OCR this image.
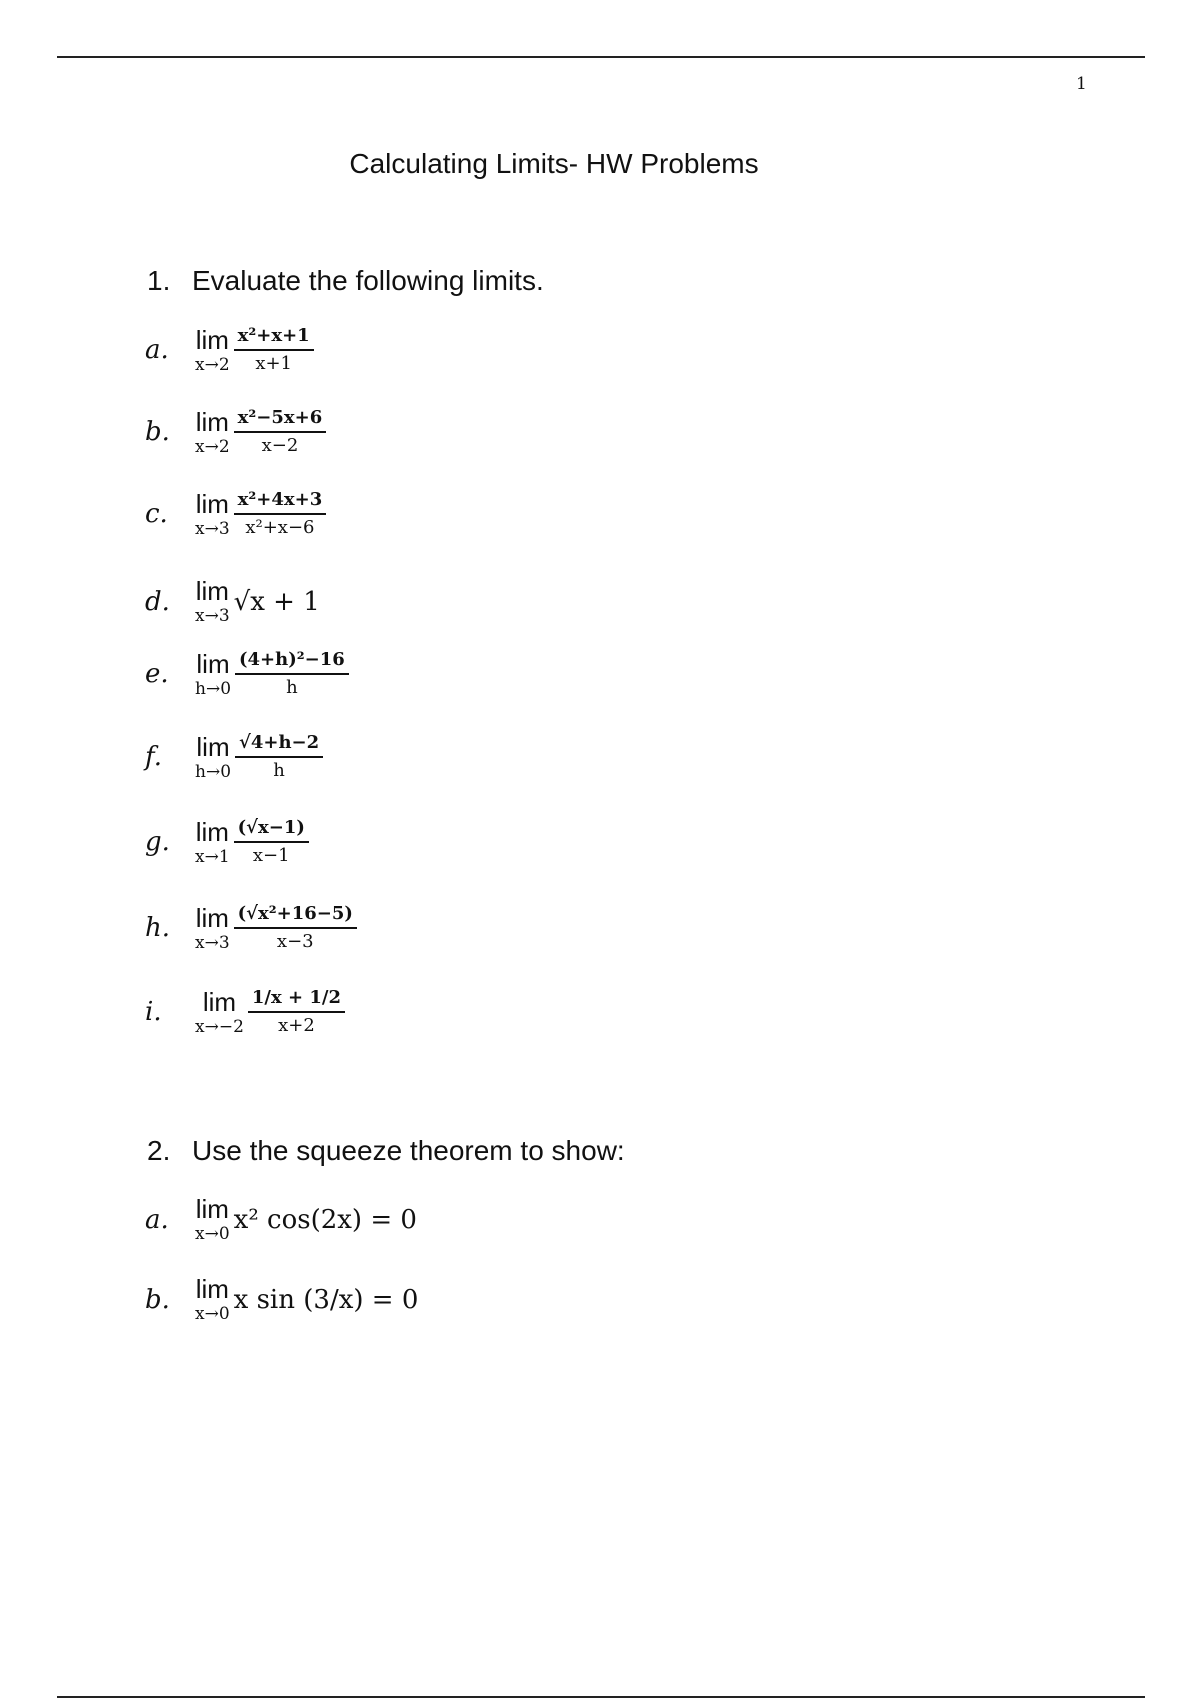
1
Calculating Limits- HW Problems
1. Evaluate the following limits.
a.	lim
$x\to 2 \frac{\text{x²+x+1}}{x+1}$
b. lim
$x\to 2 \frac{\text{x²−5x+6}}{x-2}$
c.	lim
$x\to 3 \frac{\text{x²+4x+3}}{\text{x²+x−6}}$
d. lim
x→3 √x + 1
e.	lim
$h\to 0 \frac{\text{(4+h)²−16}}{h}$
f.	lim
$h\to 0 \frac{√4+h-2}{h}$
g. lim
$x\to 1 \frac{(√x-1)}{x-1}$
h. lim
$x\to 3 \frac{\text{(√x²+16−5)}}{x-3}$
i.	lim
$x\to-2 \frac{1/x + 1/2}{x+2}$
2. Use the squeeze theorem to show:
a.	lim
x→0 x² cos(2x) = 0
b. lim
x→0 x sin (3/x) = 0
